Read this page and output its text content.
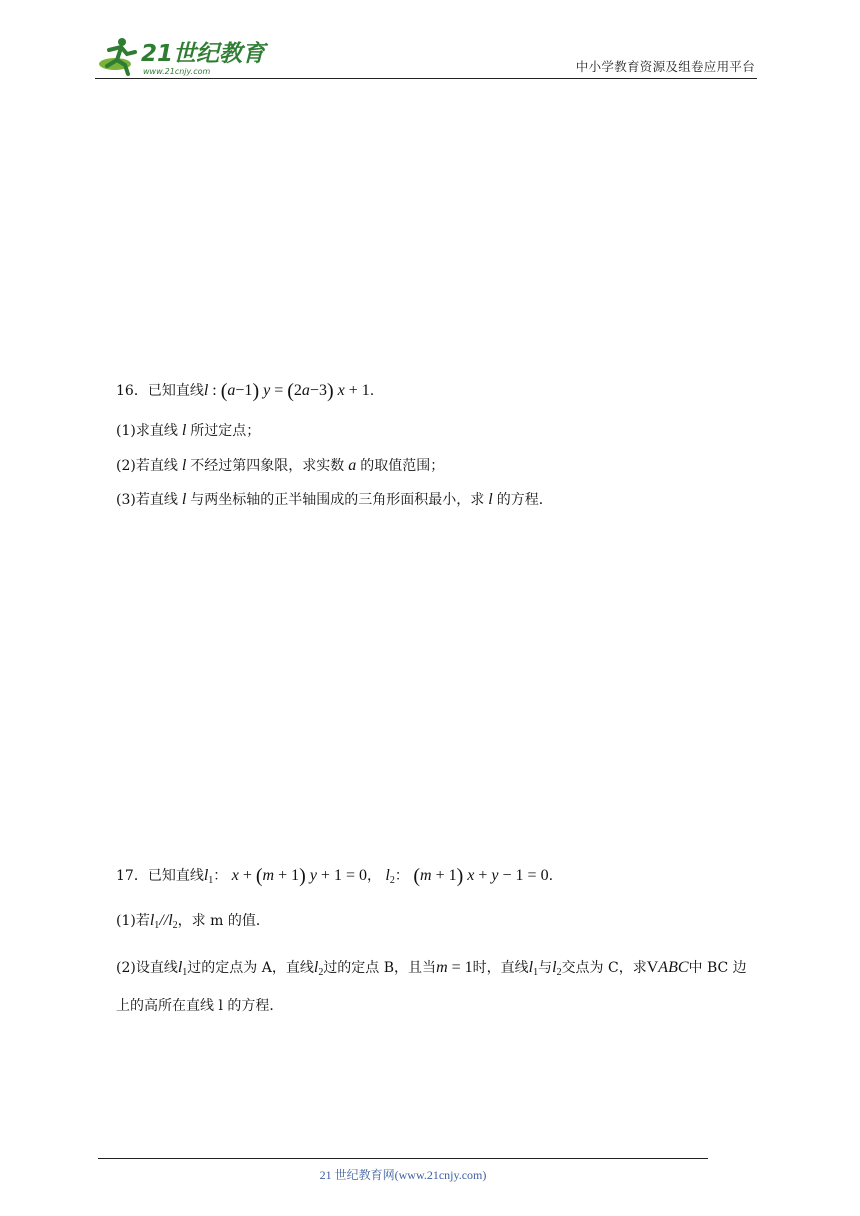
21世纪教育
www.21cnjy.com	中小学教育资源及组卷应用平台
16．已知直线l : (a−1) y = (2a−3) x + 1.
(1)求直线 l 所过定点；
(2)若直线 l 不经过第四象限，求实数 a 的取值范围；
(3)若直线 l 与两坐标轴的正半轴围成的三角形面积最小，求 l 的方程．
17．已知直线$l_1$： x + (m + 1) y + 1 = 0， $l_2$： (m + 1) x + y − 1 = 0.
(1)若$l_1//l_2$，求 m 的值．
(2)设直线$l_1$过的定点为 A，直线$l_2$过的定点 B，且当m = 1时，直线$l_1$与$l_2$交点为 C，求VABC中 BC 边
上的高所在直线 l 的方程．
21 世纪教育网(www.21cnjy.com)
